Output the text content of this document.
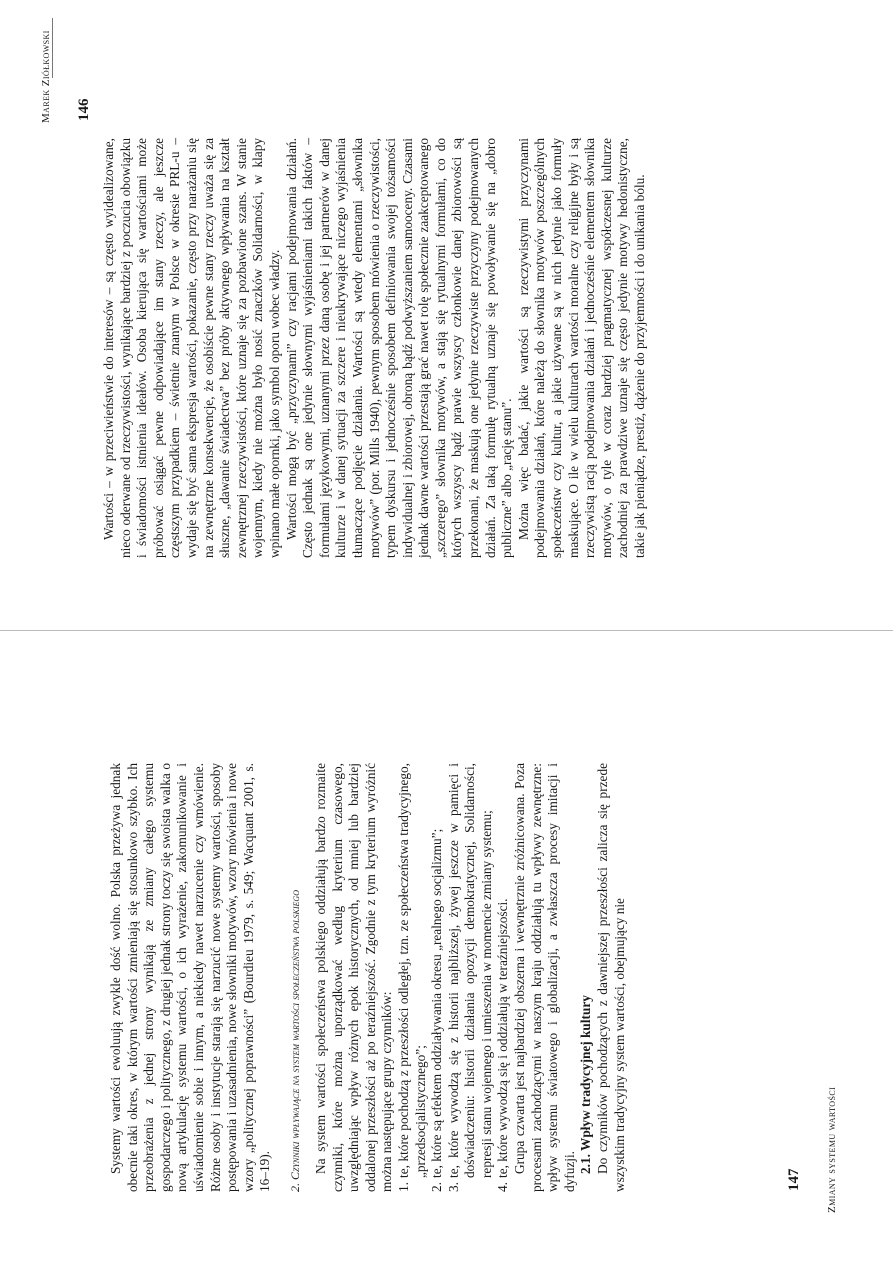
Marek Ziółkowski 146

Wartości – w przeciwieństwie do interesów – są często wyidealizowane, nieco oderwane od rzeczywistości, wynikające bardziej z poczucia obowiązku i świadomości istnienia ideałów. Osoba kierująca się wartościami może próbować osiągać pewne odpowiadające im stany rzeczy, ale jeszcze częstszym przypadkiem – świetnie znanym w Polsce w okresie PRL-u – wydaje się być sama ekspresja wartości, pokazanie, często przy narażaniu się na zewnętrzne konsekwencje, że osobiście pewne stany rzeczy uważa się za słuszne, „dawanie świadectwa” bez próby aktywnego wpływania na kształt zewnętrznej rzeczywistości, które uznaje się za pozbawione szans. W stanie wojennym, kiedy nie można było nosić znaczków Solidarności, w klapy wpinano małe opornki, jako symbol oporu wobec władzy. Wartości mogą być „przyczynami” czy racjami podejmowania działań. Często jednak są one jedynie słownymi wyjaśnieniami takich faktów – formułami językowymi, uznanymi przez daną osobę i jej partnerów w danej kulturze i w danej sytuacji za szczere i nieukrywające niczego wyjaśnienia tłumaczące podjęcie działania. Wartości są wtedy elementami „słownika motywów” (por. Mills 1940), pewnym sposobem mówienia o rzeczywistości, typem dyskursu i jednocześnie sposobem definiowania swojej tożsamości indywidualnej i zbiorowej, obroną bądź podwyższaniem samooceny. Czasami jednak dawne wartości przestają grać nawet rolę społecznie zaakceptowanego „szczerego” słownika motywów, a stają się rytualnymi formułami, co do których wszyscy bądź prawie wszyscy członkowie danej zbiorowości są przekonani, że maskują one jedynie rzeczywiste przyczyny podejmowanych działań. Za taką formułę rytualną uznaje się powoływanie się na „dobro publiczne” albo „rację stanu”. Można więc badać, jakie wartości są rzeczywistymi przyczynami podejmowania działań, które należą do słownika motywów poszczególnych społeczeństw czy kultur, a jakie używane są w nich jedynie jako formuły maskujące. O ile w wielu kulturach wartości moralne czy religijne były i są rzeczywistą racją podejmowania działań i jednocześnie elementem słownika motywów, o tyle w coraz bardziej pragmatycznej współczesnej kulturze zachodniej za prawdziwe uznaje się często jedynie motywy hedonistyczne, takie jak pieniądze, prestiż, dążenie do przyjemności i do unikania bólu.

Zmiany systemu wartości
147

Systemy wartości ewoluują zwykle dość wolno. Polska przeżywa jednak obecnie taki okres, w którym wartości zmieniają się stosunkowo szybko. Ich przeobrażenia z jednej strony wynikają ze zmiany całego systemu gospodarczego i politycznego, z drugiej jednak strony toczy się swoista walka o nową artykulację systemu wartości, o ich wyrażenie, zakomunikowanie i uświadomienie sobie i innym, a niekiedy nawet narzucenie czy wmówienie. Różne osoby i instytucje starają się narzucić nowe systemy wartości, sposoby postępowania i uzasadnienia, nowe słowniki motywów, wzory mówienia i nowe wzory „politycznej poprawności” (Bourdieu 1979, s. 549; Wacquant 2001, s. 16–19). 2. Czynniki wpływające na system wartości społeczeństwa polskiego Na system wartości społeczeństwa polskiego oddziałują bardzo rozmaite czynniki, które można uporządkować według kryterium czasowego, uwzględniając wpływ różnych epok historycznych, od mniej lub bardziej oddalonej przeszłości aż po teraźniejszość. Zgodnie z tym kryterium wyróżnić można następujące grupy czynników: 1.
te, które pochodzą z przeszłości odległej, tzn. ze społeczeństwa tradycyjnego, „przedsocjalistycznego”;

2.
te, które są efektem oddziaływania okresu „realnego socjalizmu”;

3.
te, które wywodzą się z historii najbliższej, żywej jeszcze w pamięci i doświadczeniu: historii działania opozycji demokratycznej, Solidarności, represji stanu wojennego i umieszenia w momencie zmiany systemu;

4.
te, które wywodzą się i oddziałują w teraźniejszości. Grupa czwarta jest najbardziej obszerna i wewnętrznie zróżnicowana. Poza procesami zachodzącymi w naszym kraju oddziałują tu wpływy zewnętrzne: wpływ systemu światowego i globalizacji, a zwłaszcza procesy imitacji i dyfuzji. 2.1. Wpływ tradycyjnej kultury Do czynników pochodzących z dawniejszej przeszłości zalicza się przede wszystkim tradycyjny system wartości, obejmujący nie
